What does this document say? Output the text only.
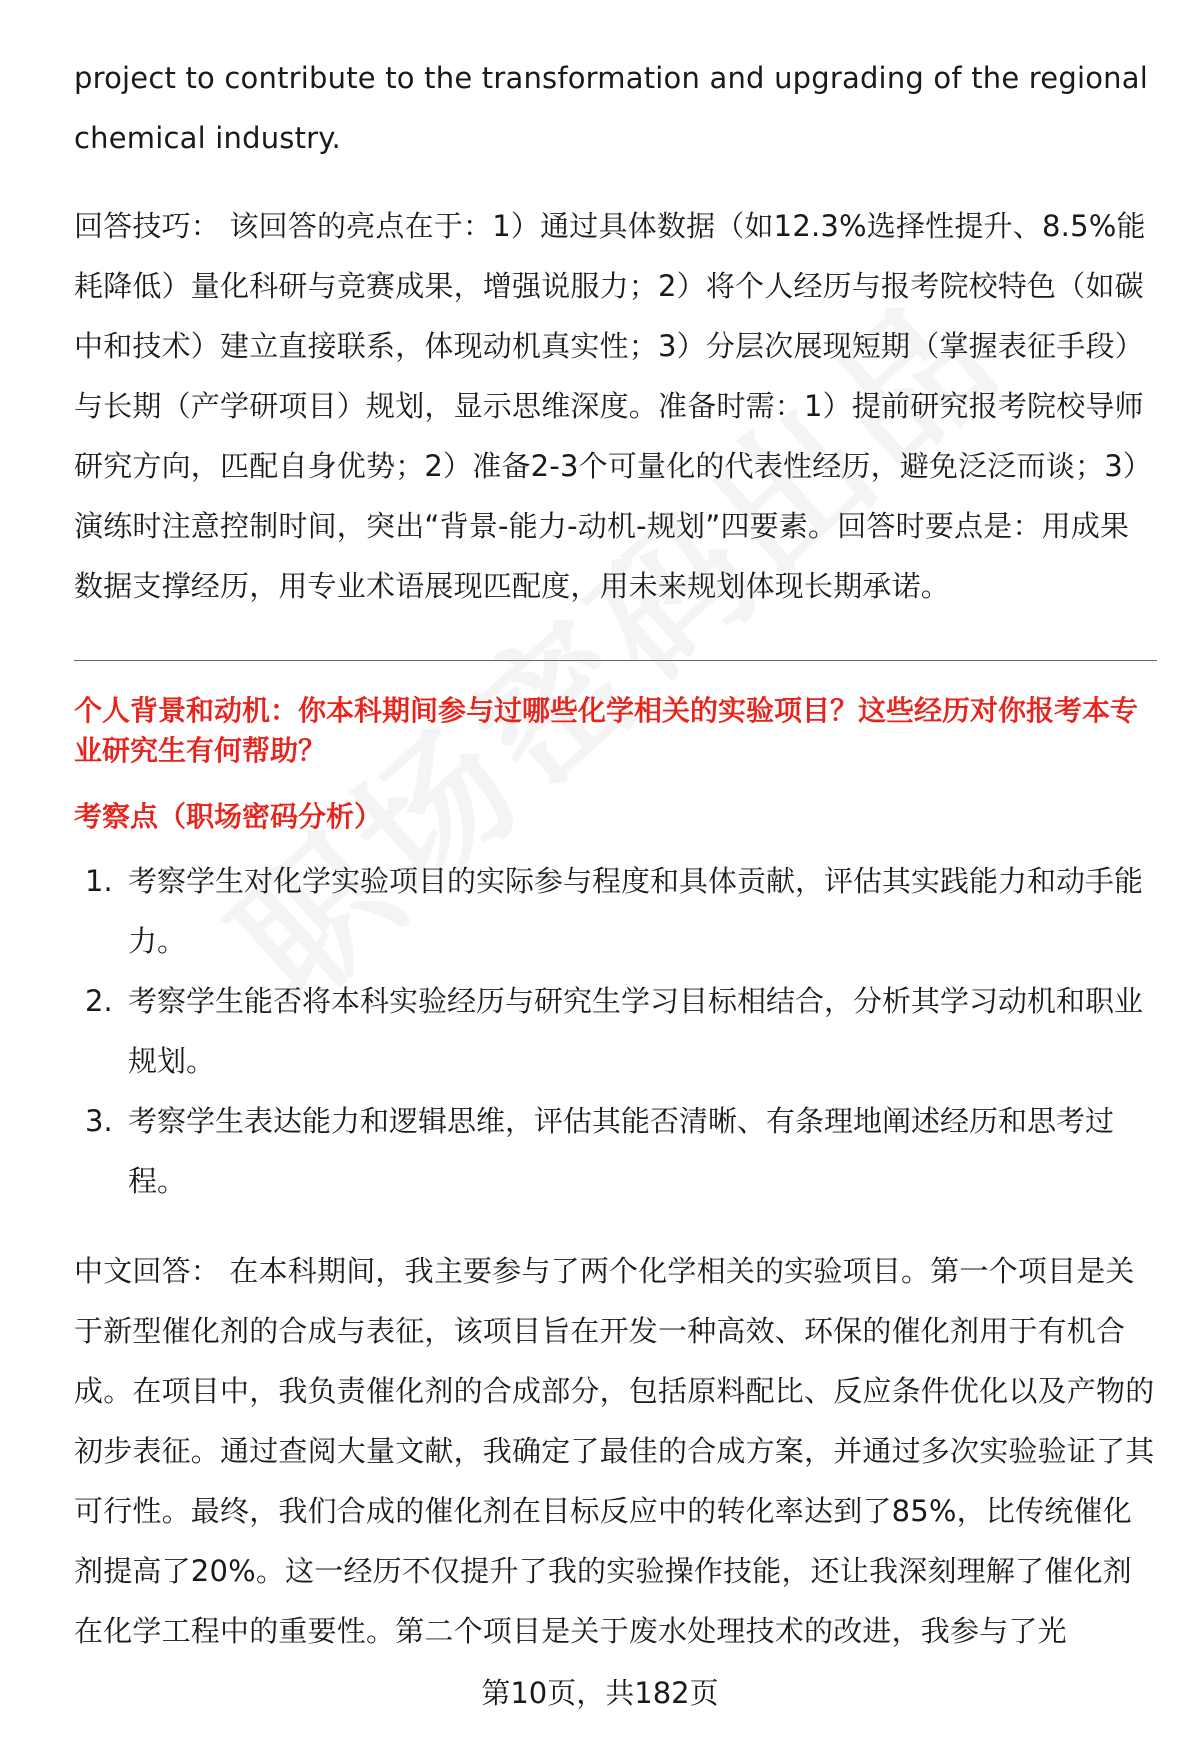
project to contribute to the transformation and upgrading of the regional chemical industry.

回答技巧： 该回答的亮点在于：1）通过具体数据（如12.3%选择性提升、8.5%能耗降低）量化科研与竞赛成果，增强说服力；2）将个人经历与报考院校特色（如碳中和技术）建立直接联系，体现动机真实性；3）分层次展现短期（掌握表征手段）与长期（产学研项目）规划，显示思维深度。准备时需：1）提前研究报考院校导师研究方向，匹配自身优势；2）准备2-3个可量化的代表性经历，避免泛泛而谈；3）演练时注意控制时间，突出“背景-能力-动机-规划”四要素。回答时要点是：用成果数据支撑经历，用专业术语展现匹配度，用未来规划体现长期承诺。

个人背景和动机：你本科期间参与过哪些化学相关的实验项目？这些经历对你报考本专业研究生有何帮助？

考察点（职场密码分析）

1. 考察学生对化学实验项目的实际参与程度和具体贡献，评估其实践能力和动手能力。
2. 考察学生能否将本科实验经历与研究生学习目标相结合，分析其学习动机和职业规划。
3. 考察学生表达能力和逻辑思维，评估其能否清晰、有条理地阐述经历和思考过程。

中文回答： 在本科期间，我主要参与了两个化学相关的实验项目。第一个项目是关于新型催化剂的合成与表征，该项目旨在开发一种高效、环保的催化剂用于有机合成。在项目中，我负责催化剂的合成部分，包括原料配比、反应条件优化以及产物的初步表征。通过查阅大量文献，我确定了最佳的合成方案，并通过多次实验验证了其可行性。最终，我们合成的催化剂在目标反应中的转化率达到了85%，比传统催化剂提高了20%。这一经历不仅提升了我的实验操作技能，还让我深刻理解了催化剂在化学工程中的重要性。第二个项目是关于废水处理技术的改进，我参与了光

第10页，共182页
